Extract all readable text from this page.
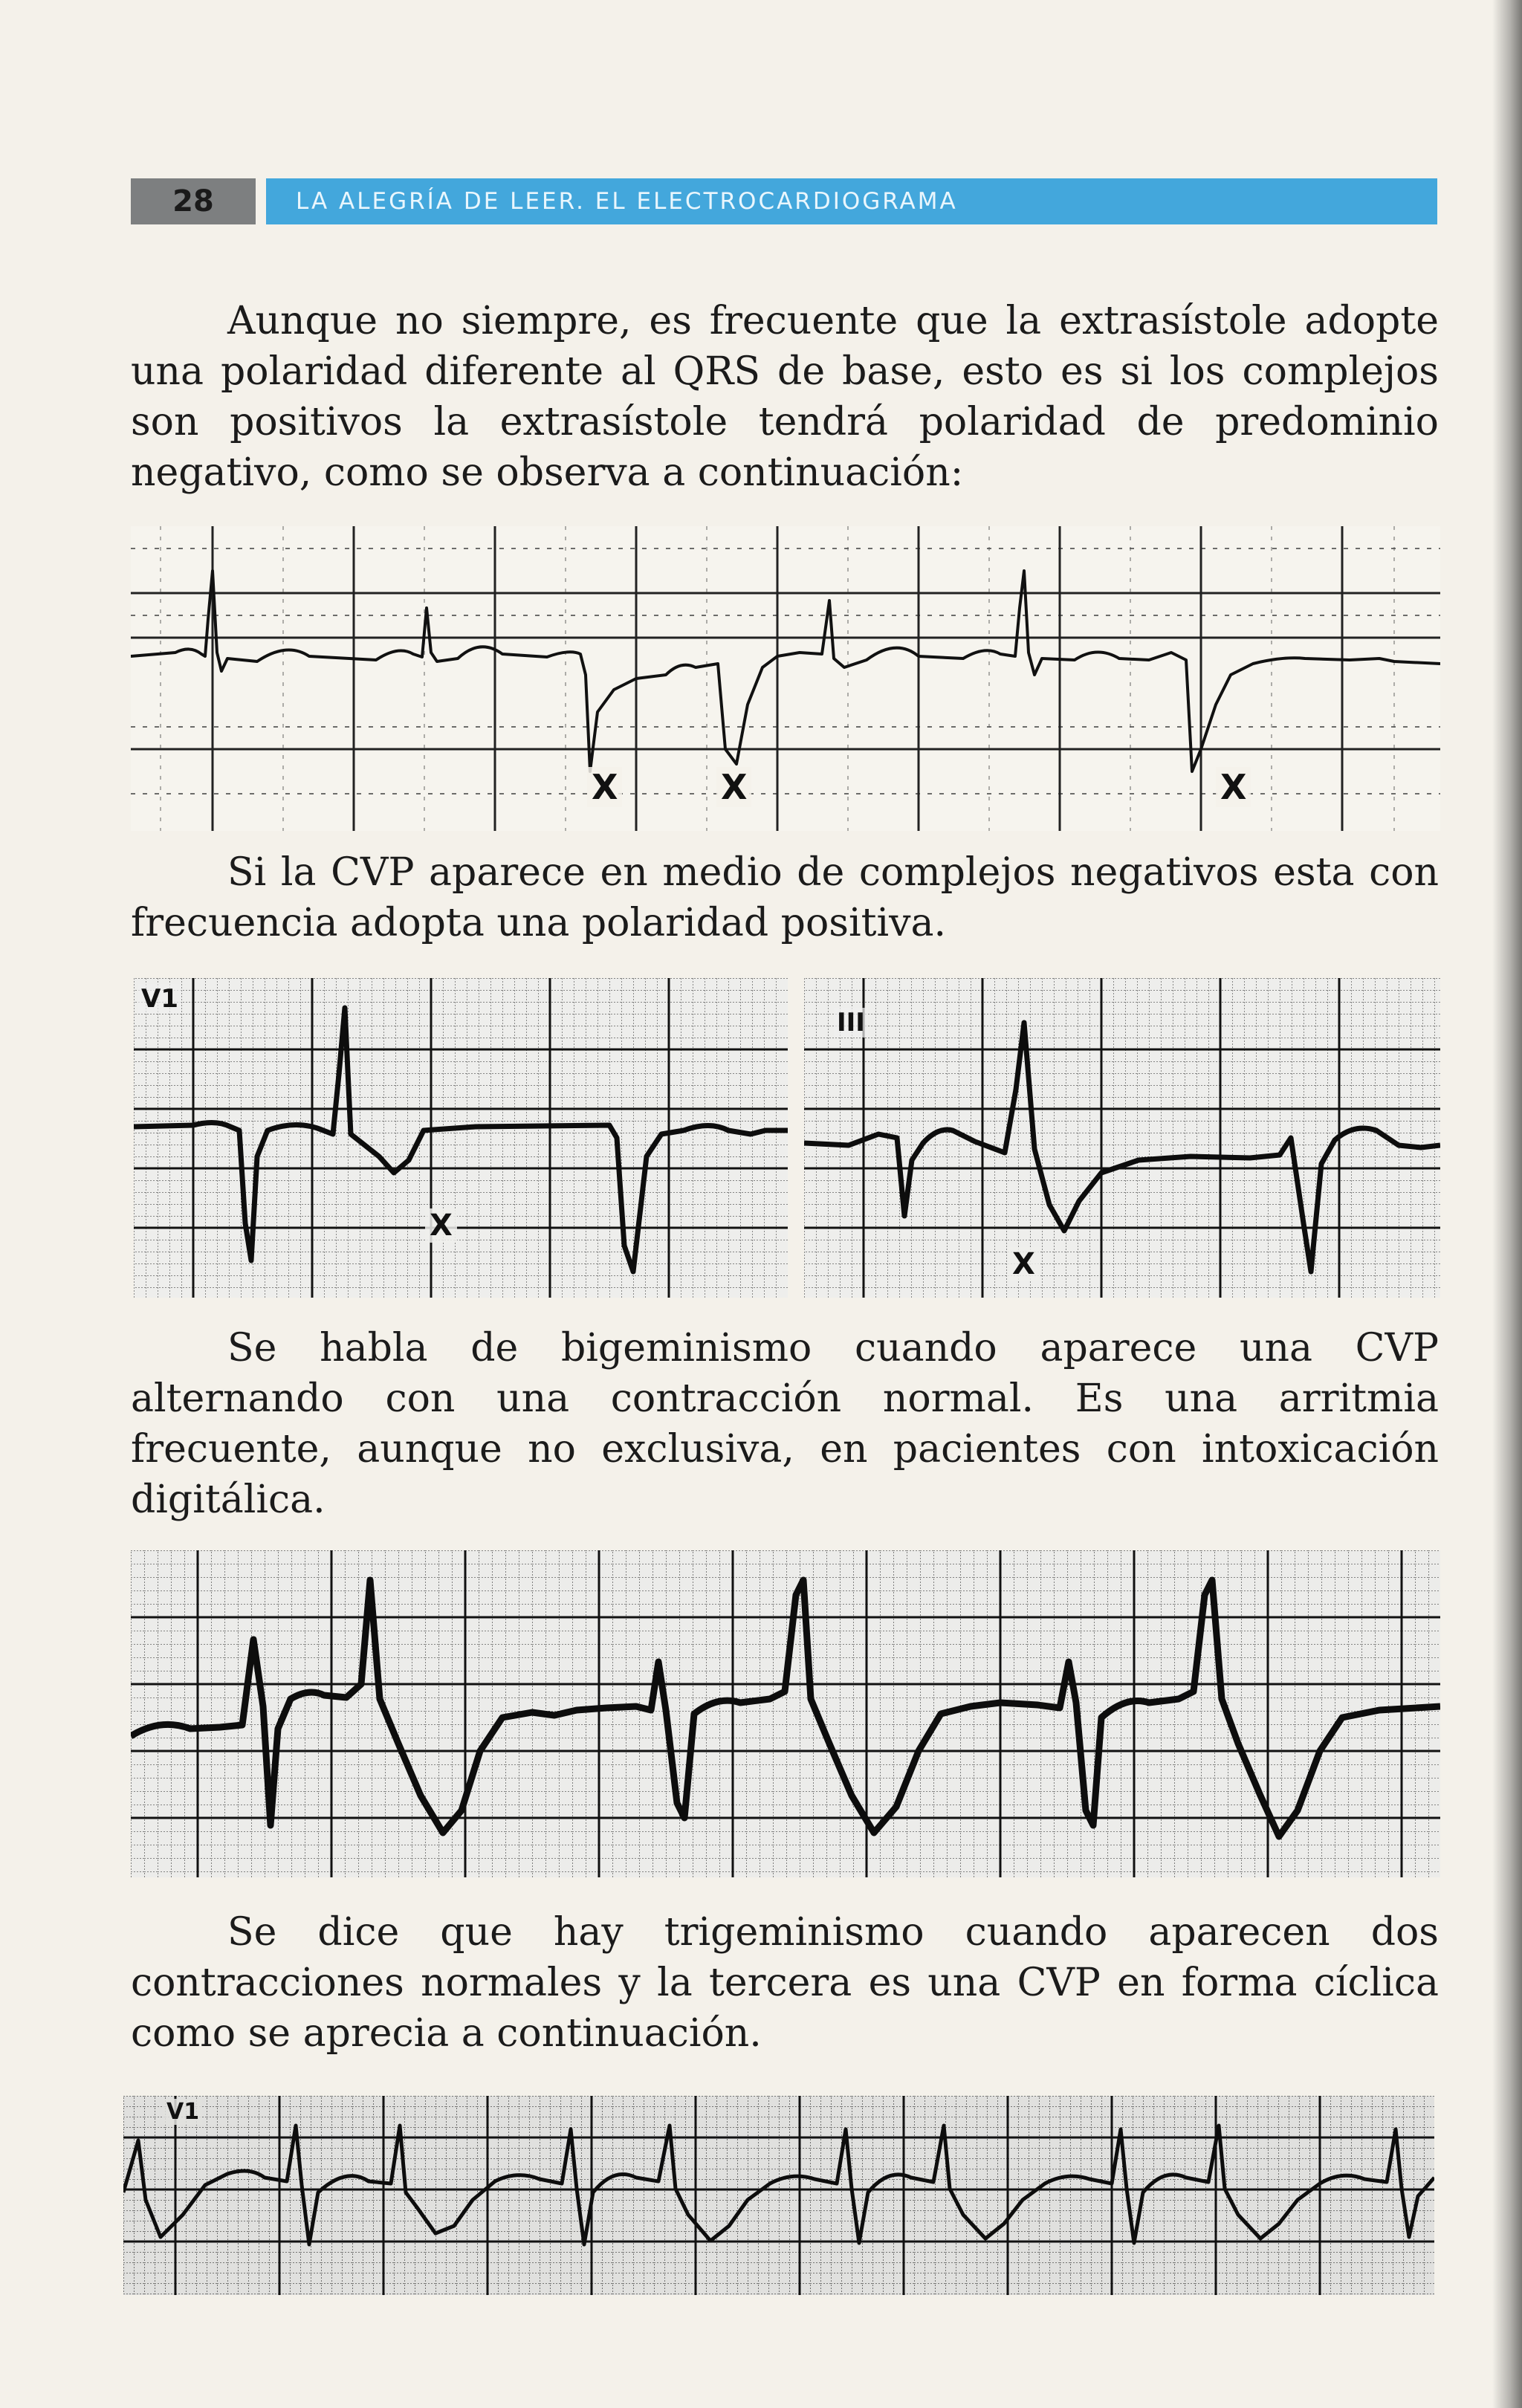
28	LA ALEGRÍA DE LEER. EL ELECTROCARDIOGRAMA

Aunque no siempre, es frecuente que la extrasístole adopte una polaridad diferente al QRS de base, esto es si los complejos son positivos la extrasístole tendrá polaridad de predominio negativo, como se observa a continuación:

X	X	X

Si la CVP aparece en medio de complejos negativos esta con frecuencia adopta una polaridad positiva.

V1
X
III
X

Se habla de bigeminismo cuando aparece una CVP alternando con una contracción normal. Es una arritmia frecuente, aunque no exclusiva, en pacientes con intoxicación digitálica.

Se dice que hay trigeminismo cuando aparecen dos contracciones normales y la tercera es una CVP en forma cíclica como se aprecia a continuación.

V1
